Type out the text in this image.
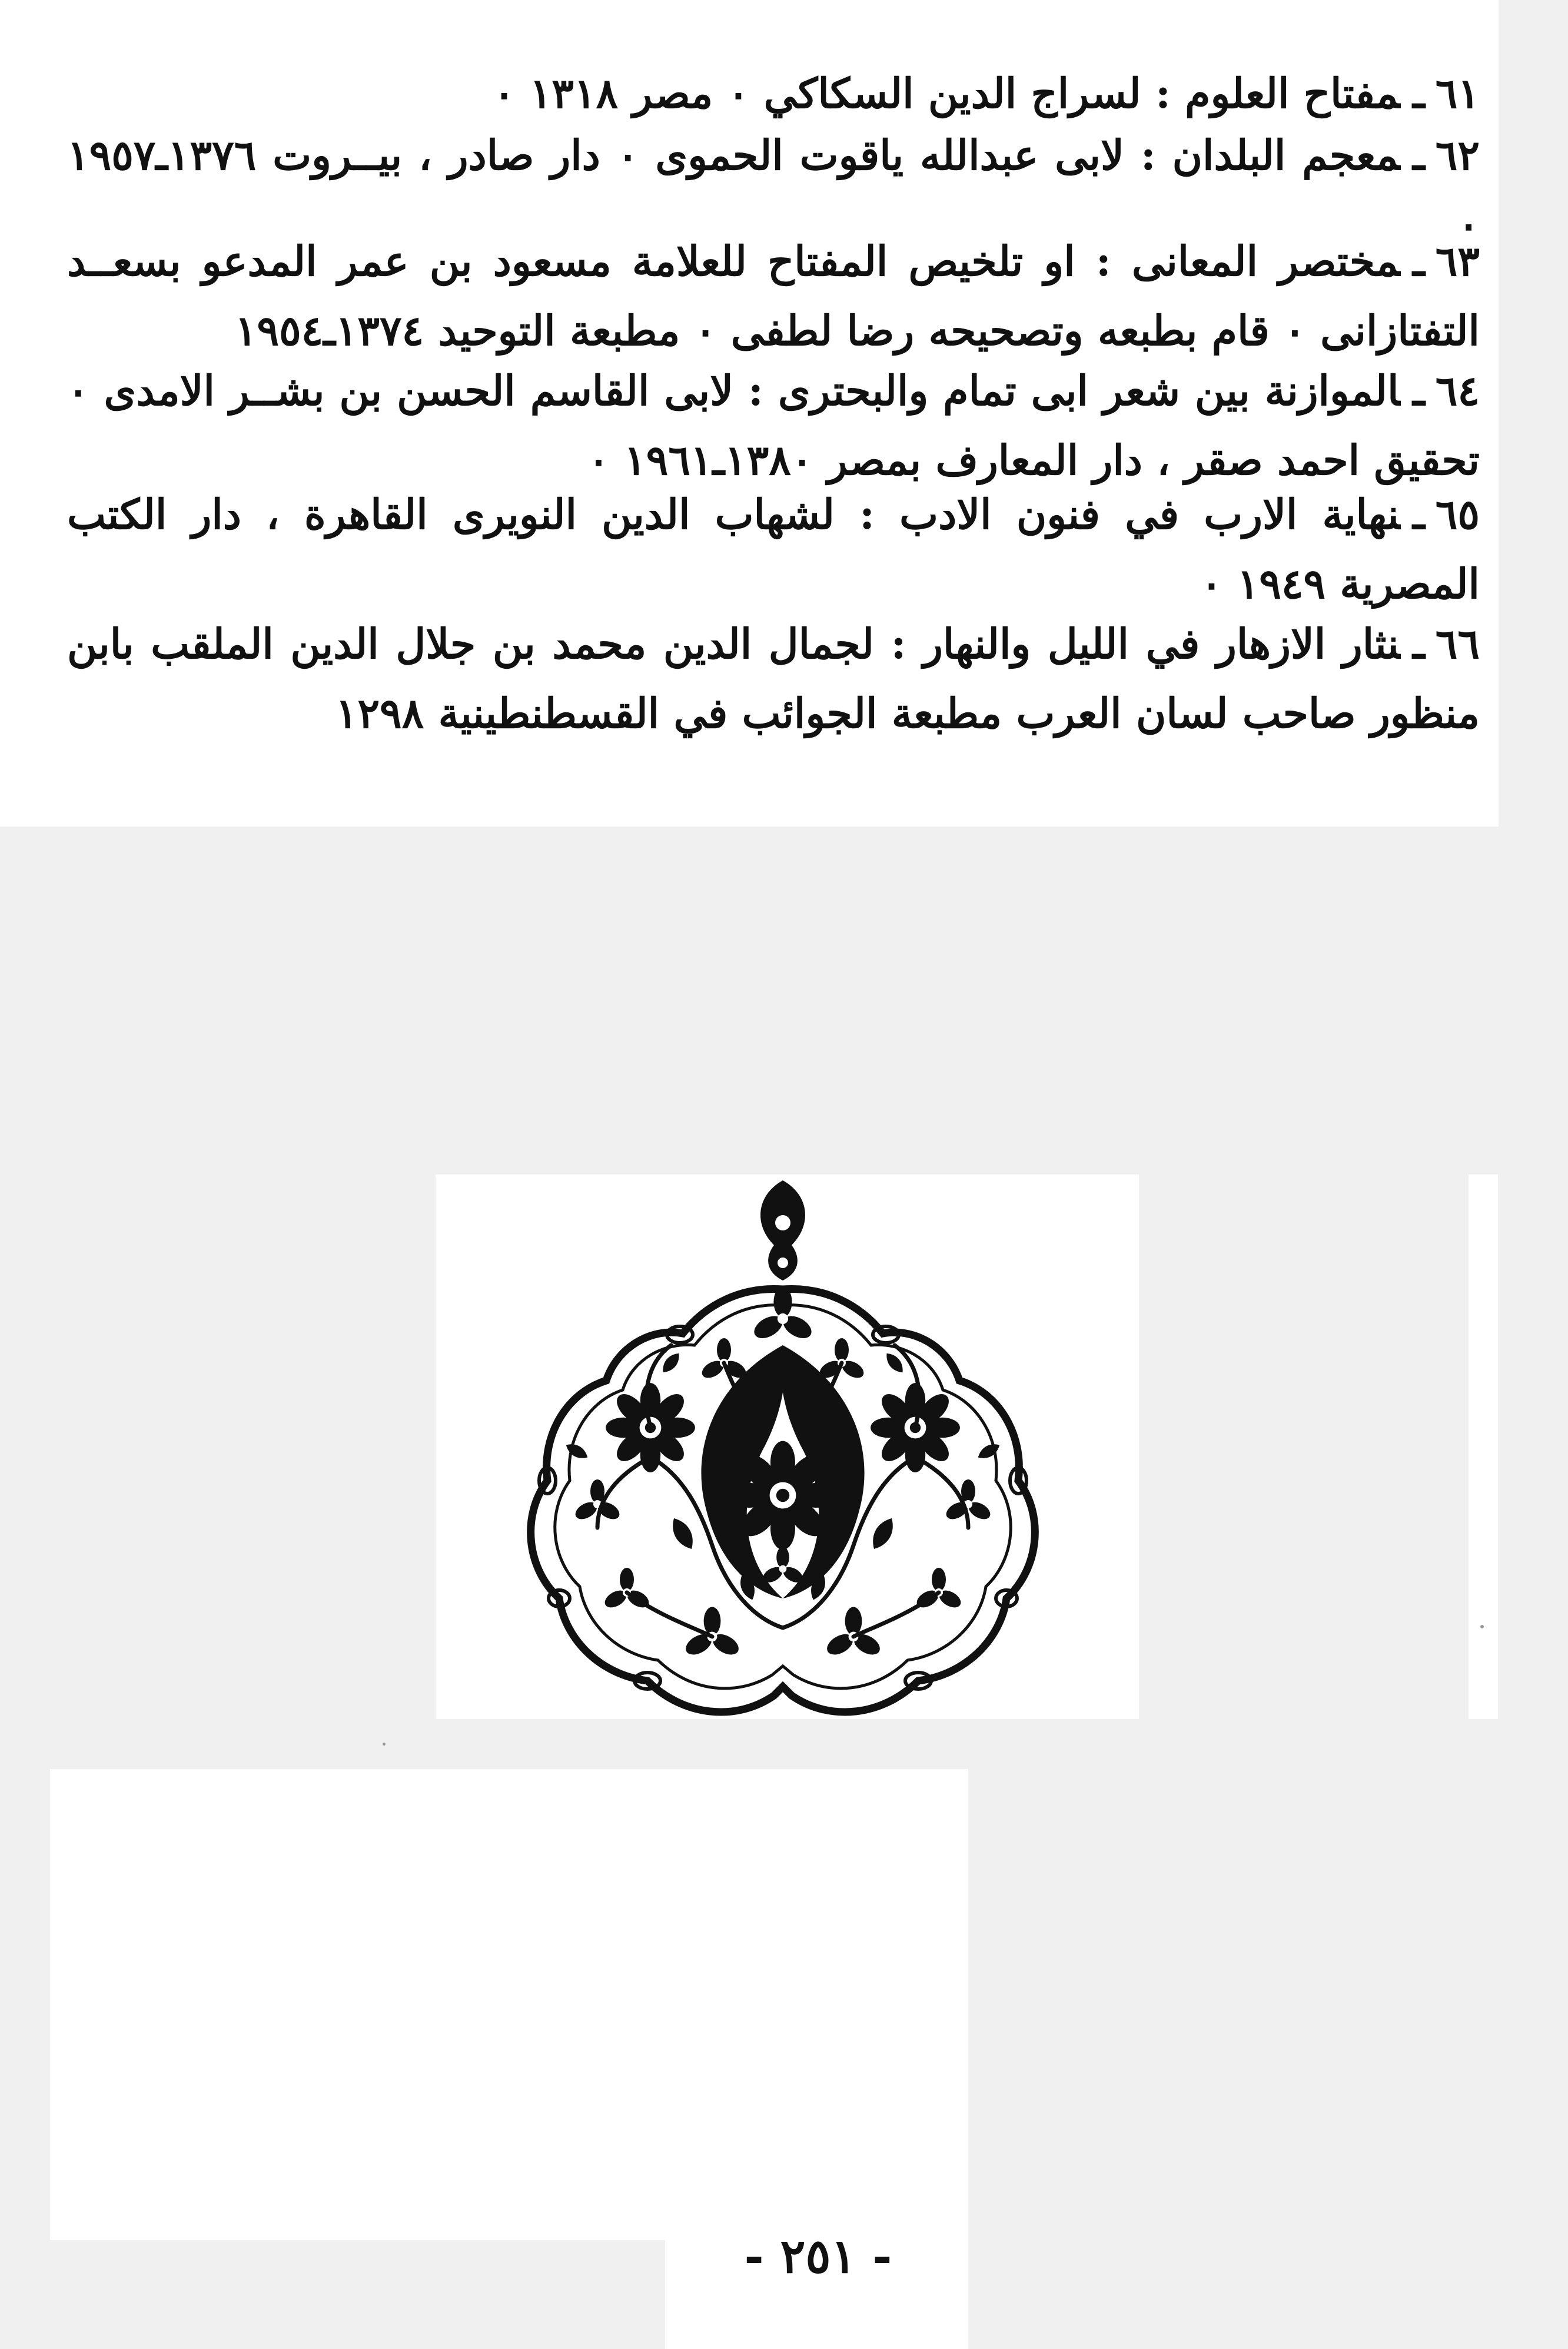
٦١ـمفتاح العلوم : لسراج الدين السكاكي ٠ مصر ١٣١٨ ٠

٦٢ـمعجم البلدان : لابى عبدالله ياقوت الحموى ٠ دار صادر ، بيــروت ١٣٧٦ـ١٩٥٧ ٠

٦٣ـمختصر المعانى : او تلخيص المفتاح للعلامة مسعود بن عمر المدعو بسعــد التفتازانى ٠ قام بطبعه وتصحيحه رضا لطفى ٠ مطبعة التوحيد ١٣٧٤ـ١٩٥٤

٦٤ـالموازنة بين شعر ابى تمام والبحترى : لابى القاسم الحسن بن بشــر الامدى ٠ تحقيق احمد صقر ، دار المعارف بمصر ١٣٨٠ـ١٩٦١ ٠

٦٥ـنهاية الارب في فنون الادب : لشهاب الدين النويرى القاهرة ، دار الكتب المصرية ١٩٤٩ ٠

٦٦ـنثار الازهار في الليل والنهار : لجمال الدين محمد بن جلال الدين الملقب بابن منظور صاحب لسان العرب مطبعة الجوائب في القسطنطينية ١٢٩٨

- ٢٥١ -
